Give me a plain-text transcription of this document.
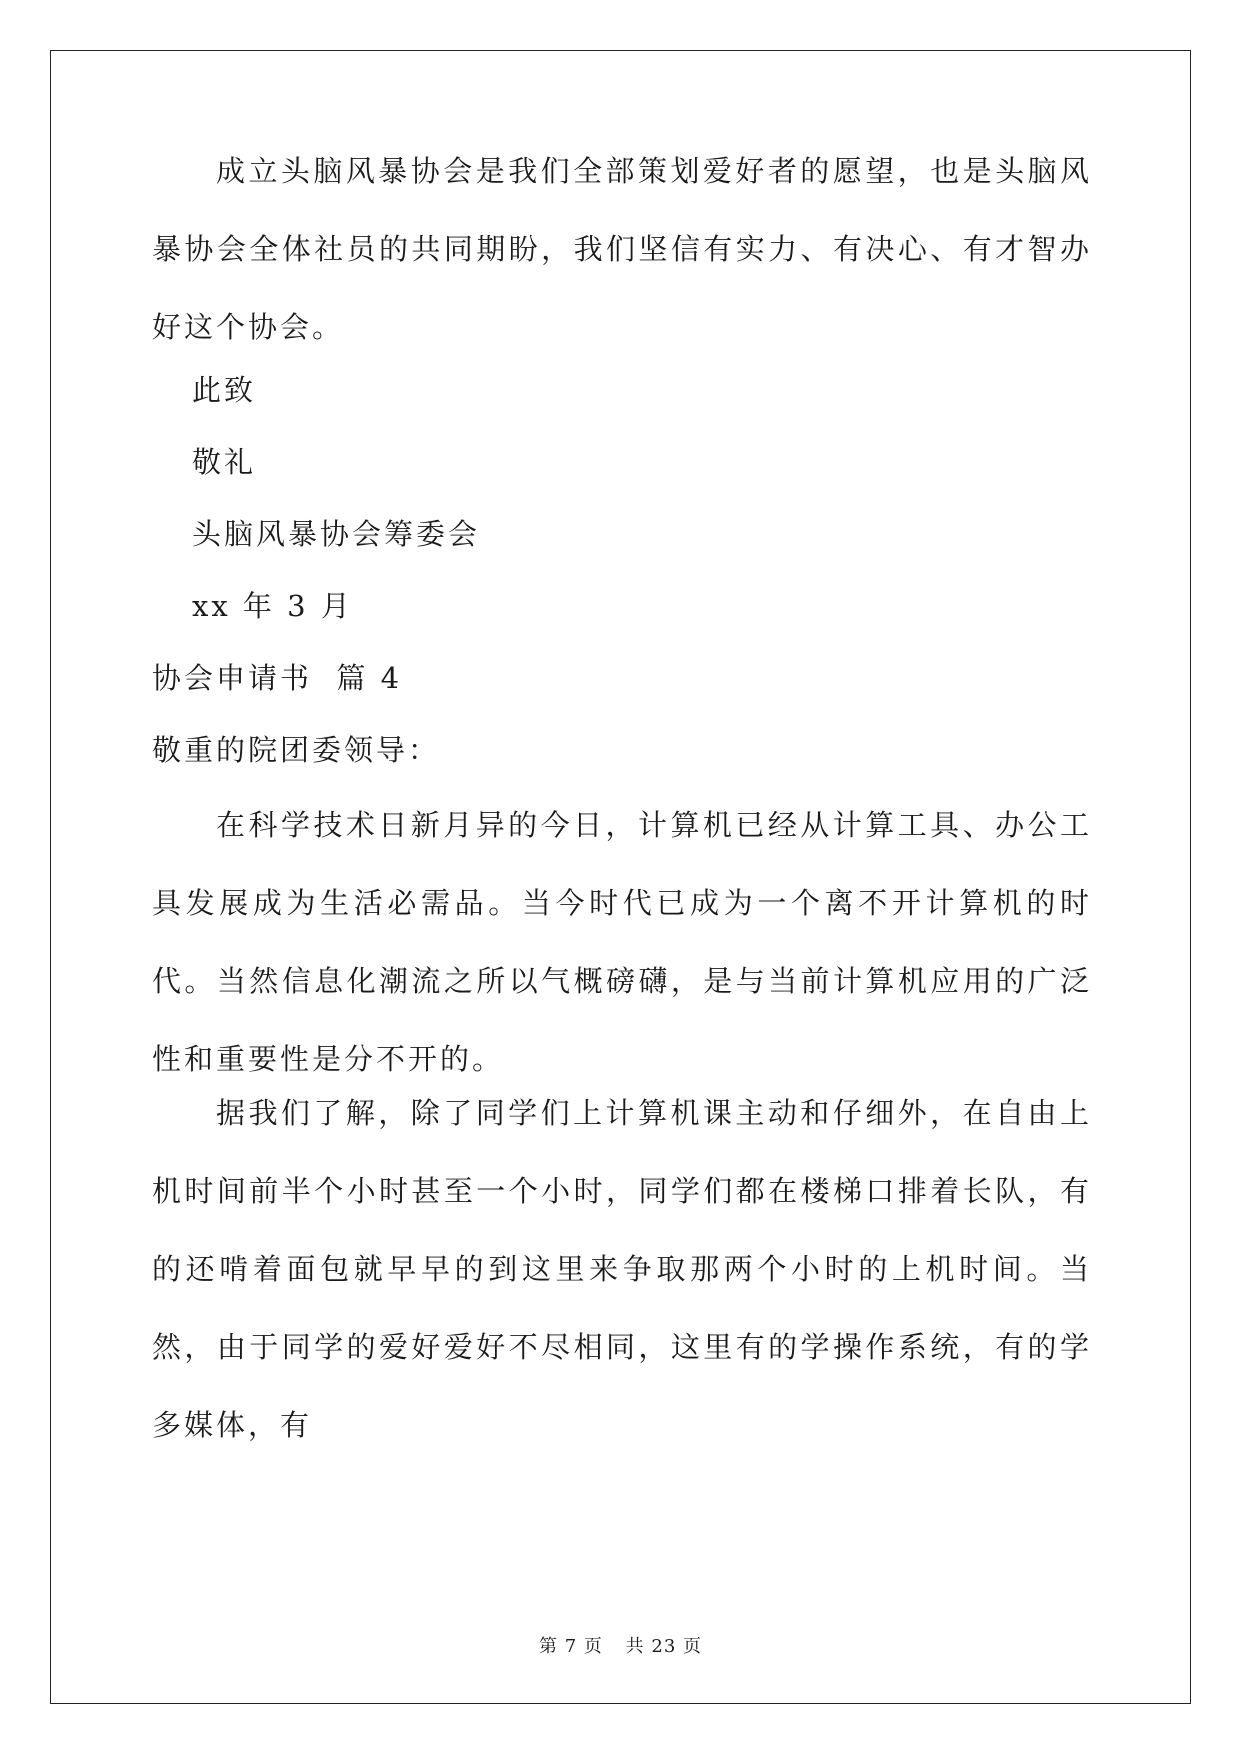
成立头脑风暴协会是我们全部策划爱好者的愿望，也是头脑风暴协会全体社员的共同期盼，我们坚信有实力、有决心、有才智办好这个协会。

此致
敬礼
头脑风暴协会筹委会
xx 年 3 月
协会申请书  篇 4
敬重的院团委领导：

在科学技术日新月异的今日，计算机已经从计算工具、办公工具发展成为生活必需品。当今时代已成为一个离不开计算机的时代。当然信息化潮流之所以气概磅礴，是与当前计算机应用的广泛性和重要性是分不开的。

据我们了解，除了同学们上计算机课主动和仔细外，在自由上机时间前半个小时甚至一个小时，同学们都在楼梯口排着长队，有的还啃着面包就早早的到这里来争取那两个小时的上机时间。当然，由于同学的爱好爱好不尽相同，这里有的学操作系统，有的学多媒体，有

第 7 页 共 23 页
